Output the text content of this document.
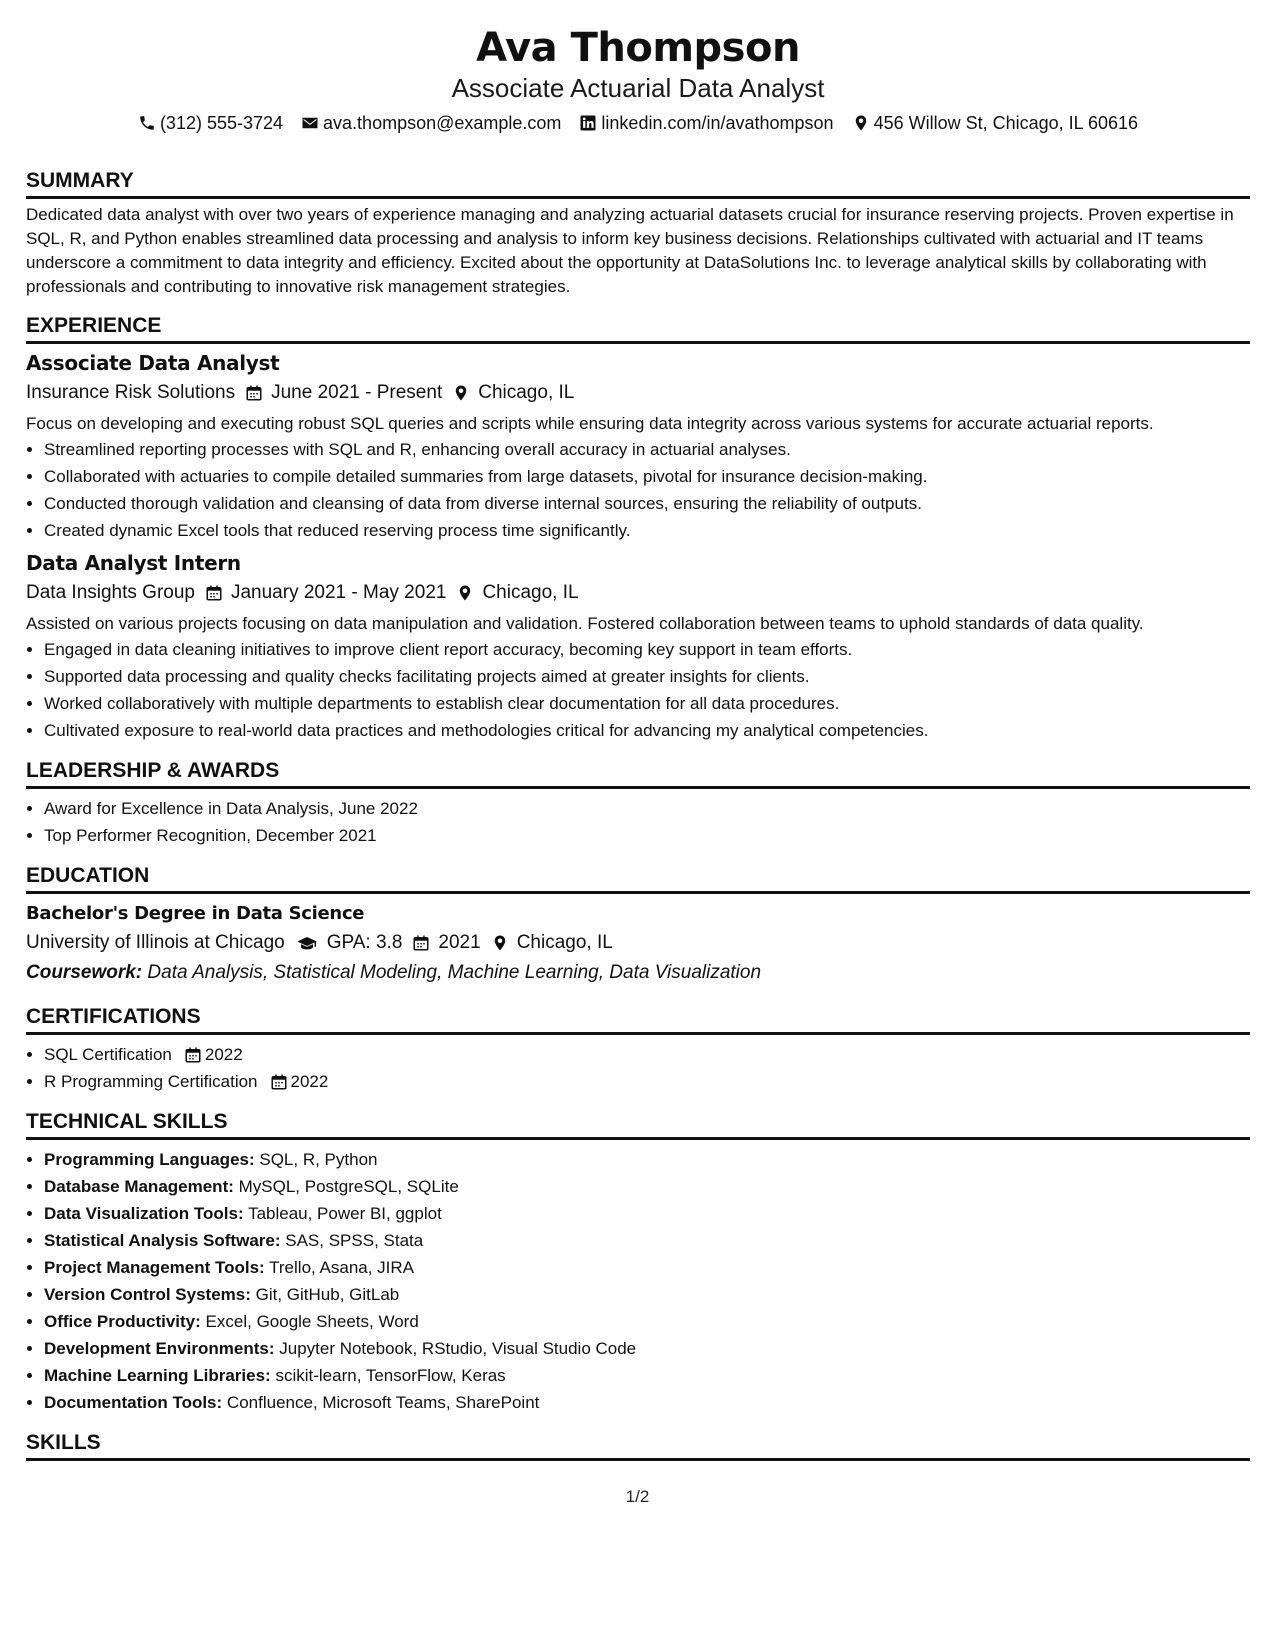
Ava Thompson
Associate Actuarial Data Analyst
(312) 555-3724 ava.thompson@example.com linkedin.com/in/avathompson 456 Willow St, Chicago, IL 60616
SUMMARY
Dedicated data analyst with over two years of experience managing and analyzing actuarial datasets crucial for insurance reserving projects. Proven expertise in SQL, R, and Python enables streamlined data processing and analysis to inform key business decisions. Relationships cultivated with actuarial and IT teams underscore a commitment to data integrity and efficiency. Excited about the opportunity at DataSolutions Inc. to leverage analytical skills by collaborating with professionals and contributing to innovative risk management strategies.
EXPERIENCE
Associate Data Analyst
Insurance Risk Solutions June 2021 - Present Chicago, IL
Focus on developing and executing robust SQL queries and scripts while ensuring data integrity across various systems for accurate actuarial reports.
• Streamlined reporting processes with SQL and R, enhancing overall accuracy in actuarial analyses.
• Collaborated with actuaries to compile detailed summaries from large datasets, pivotal for insurance decision-making.
• Conducted thorough validation and cleansing of data from diverse internal sources, ensuring the reliability of outputs.
• Created dynamic Excel tools that reduced reserving process time significantly.
Data Analyst Intern
Data Insights Group January 2021 - May 2021 Chicago, IL
Assisted on various projects focusing on data manipulation and validation. Fostered collaboration between teams to uphold standards of data quality.
• Engaged in data cleaning initiatives to improve client report accuracy, becoming key support in team efforts.
• Supported data processing and quality checks facilitating projects aimed at greater insights for clients.
• Worked collaboratively with multiple departments to establish clear documentation for all data procedures.
• Cultivated exposure to real-world data practices and methodologies critical for advancing my analytical competencies.
LEADERSHIP & AWARDS
• Award for Excellence in Data Analysis, June 2022
• Top Performer Recognition, December 2021
EDUCATION
Bachelor's Degree in Data Science
University of Illinois at Chicago GPA: 3.8 2021 Chicago, IL
Coursework: Data Analysis, Statistical Modeling, Machine Learning, Data Visualization
CERTIFICATIONS
• SQL Certification 2022
• R Programming Certification 2022
TECHNICAL SKILLS
• Programming Languages: SQL, R, Python
• Database Management: MySQL, PostgreSQL, SQLite
• Data Visualization Tools: Tableau, Power BI, ggplot
• Statistical Analysis Software: SAS, SPSS, Stata
• Project Management Tools: Trello, Asana, JIRA
• Version Control Systems: Git, GitHub, GitLab
• Office Productivity: Excel, Google Sheets, Word
• Development Environments: Jupyter Notebook, RStudio, Visual Studio Code
• Machine Learning Libraries: scikit-learn, TensorFlow, Keras
• Documentation Tools: Confluence, Microsoft Teams, SharePoint
SKILLS
1/2
